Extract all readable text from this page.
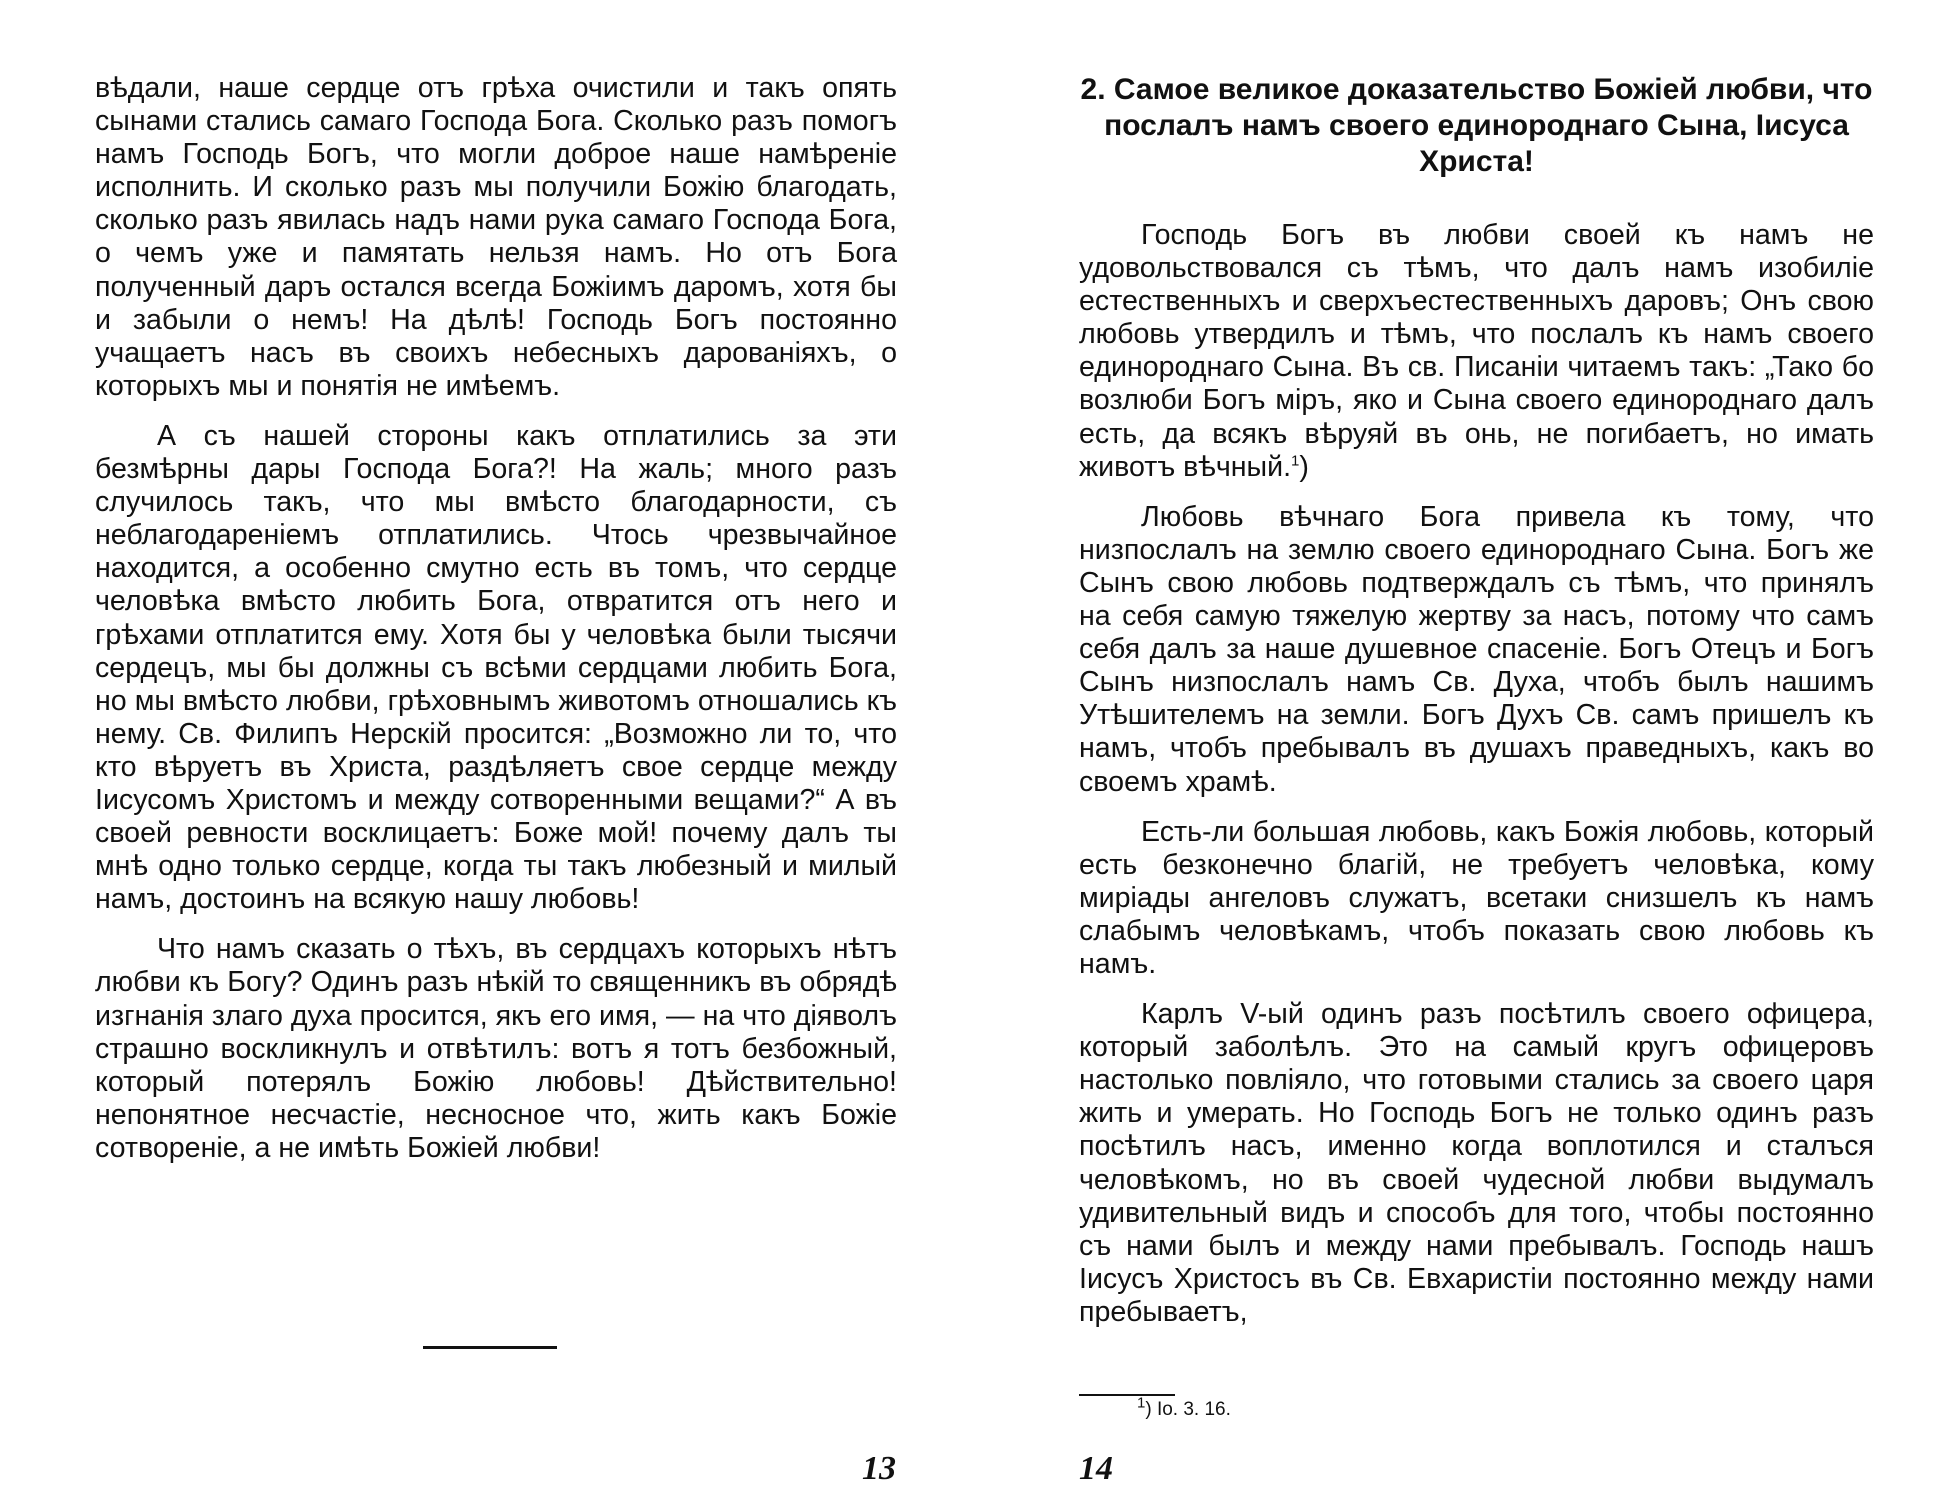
вѣдали, наше сердце отъ грѣха очистили и такъ опять сынами стались самаго Господа Бога. Сколько разъ помогъ намъ Господь Богъ, что могли доброе наше намѣреніе исполнить. И сколько разъ мы получили Божію благодать, сколько разъ явилась надъ нами рука самаго Господа Бога, о чемъ уже и памятать нельзя намъ. Но отъ Бога полученный даръ остался всегда Божіимъ даромъ, хотя бы и забыли о немъ! На дѣлѣ! Господь Богъ постоянно учащаетъ насъ въ своихъ небесныхъ дарованіяхъ, о которыхъ мы и понятія не имѣемъ.

А съ нашей стороны какъ отплатились за эти безмѣрны дары Господа Бога?! На жаль; много разъ случилось такъ, что мы вмѣсто благодарности, съ неблагодареніемъ отплатились. Чтось чрезвычайное находится, а особенно смутно есть въ томъ, что сердце человѣка вмѣсто любить Бога, отвратится отъ него и грѣхами отплатится ему. Хотя бы у человѣка были тысячи сердецъ, мы бы должны съ всѣми сердцами любить Бога, но мы вмѣсто любви, грѣховнымъ животомъ отношались къ нему. Св. Филипъ Нерскій просится: „Возможно ли то, что кто вѣруетъ въ Христа, раздѣляетъ свое сердце между Іисусомъ Христомъ и между сотворенными вещами?“ А въ своей ревности восклицаетъ: Боже мой! почему далъ ты мнѣ одно только сердце, когда ты такъ любезный и милый намъ, достоинъ на всякую нашу любовь!

Что намъ сказать о тѣхъ, въ сердцахъ которыхъ нѣтъ любви къ Богу? Одинъ разъ нѣкій то священникъ въ обрядѣ изгнанія злаго духа просится, якъ его имя, — на что діяволъ страшно воскликнулъ и отвѣтилъ: вотъ я тотъ безбожный, который потерялъ Божію любовь! Дѣйствительно! непонятное несчастіе, несносное что, жить какъ Божіе сотвореніе, а не имѣть Божіей любви!

13
2. Самое великое доказательство Божіей любви, что послалъ намъ своего единороднаго Сына, Іисуса Христа!

Господь Богъ въ любви своей къ намъ не удовольствовался съ тѣмъ, что далъ намъ изобиліе естественныхъ и сверхъестественныхъ даровъ; Онъ свою любовь утвердилъ и тѣмъ, что послалъ къ намъ своего единороднаго Сына. Въ св. Писаніи читаемъ такъ: „Тако бо возлюби Богъ міръ, яко и Сына своего единороднаго далъ есть, да всякъ вѣруяй въ онь, не погибаетъ, но имать животъ вѣчный.$^1$)

Любовь вѣчнаго Бога привела къ тому, что низпослалъ на землю своего единороднаго Сына. Богъ же Сынъ свою любовь подтверждалъ съ тѣмъ, что принялъ на себя самую тяжелую жертву за насъ, потому что самъ себя далъ за наше душевное спасеніе. Богъ Отецъ и Богъ Сынъ низпослалъ намъ Св. Духа, чтобъ былъ нашимъ Утѣшителемъ на земли. Богъ Духъ Св. самъ пришелъ къ намъ, чтобъ пребывалъ въ душахъ праведныхъ, какъ во своемъ храмѣ.

Есть-ли большая любовь, какъ Божія любовь, который есть безконечно благій, не требуетъ человѣка, кому миріады ангеловъ служатъ, всетаки снизшелъ къ намъ слабымъ человѣкамъ, чтобъ показать свою любовь къ намъ.

Карлъ V-ый одинъ разъ посѣтилъ своего офицера, который заболѣлъ. Это на самый кругъ офицеровъ настолько повліяло, что готовыми стались за своего царя жить и умерать. Но Господь Богъ не только одинъ разъ посѣтилъ насъ, именно когда воплотился и сталъся человѣкомъ, но въ своей чудесной любви выдумалъ удивительный видъ и способъ для того, чтобы постоянно съ нами былъ и между нами пребывалъ. Господь нашъ Іисусъ Христосъ въ Св. Евхаристіи постоянно между нами пребываетъ,

$^1$) Іо. 3. 16.
14
